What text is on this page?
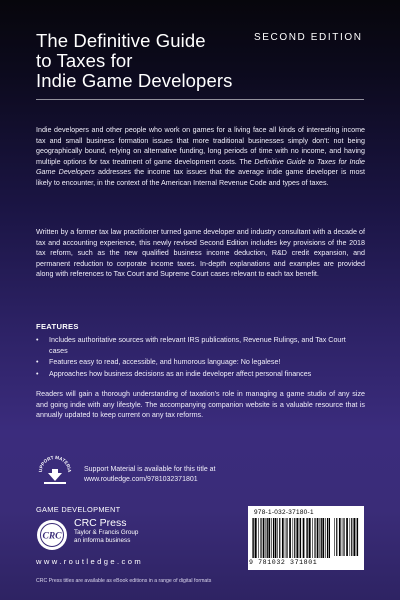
The Definitive Guide
to Taxes for
Indie Game Developers
SECOND EDITION

Indie developers and other people who work on games for a living face all kinds of interesting income tax and small business formation issues that more traditional businesses simply don't: not being geographically bound, relying on alternative funding, long periods of time with no income, and having multiple options for tax treatment of game development costs. The Definitive Guide to Taxes for Indie Game Developers addresses the income tax issues that the average indie game developer is most likely to encounter, in the context of the American Internal Revenue Code and types of taxes.

Written by a former tax law practitioner turned game developer and industry consultant with a decade of tax and accounting experience, this newly revised Second Edition includes key provisions of the 2018 tax reform, such as the new qualified business income deduction, R&D credit expansion, and permanent reduction to corporate income taxes. In-depth explanations and examples are provided along with references to Tax Court and Supreme Court cases relevant to each tax benefit.

FEATURES
• Includes authoritative sources with relevant IRS publications, Revenue Rulings, and Tax Court cases
• Features easy to read, accessible, and humorous language: No legalese!
• Approaches how business decisions as an indie developer affect personal finances

Readers will gain a thorough understanding of taxation's role in managing a game studio of any size and going indie with any lifestyle. The accompanying companion website is a valuable resource that is annually updated to keep current on any tax reforms.

UPPORT MATERIA Support Material is available for this title at
www.routledge.com/9781032371801
GAME DEVELOPMENT
CRC
CRC Press
Taylor & Francis Group
an informa business
www.routledge.com
CRC Press titles are available as eBook editions in a range of digital formats
978-1-032-37180-1
9 781032 371801
